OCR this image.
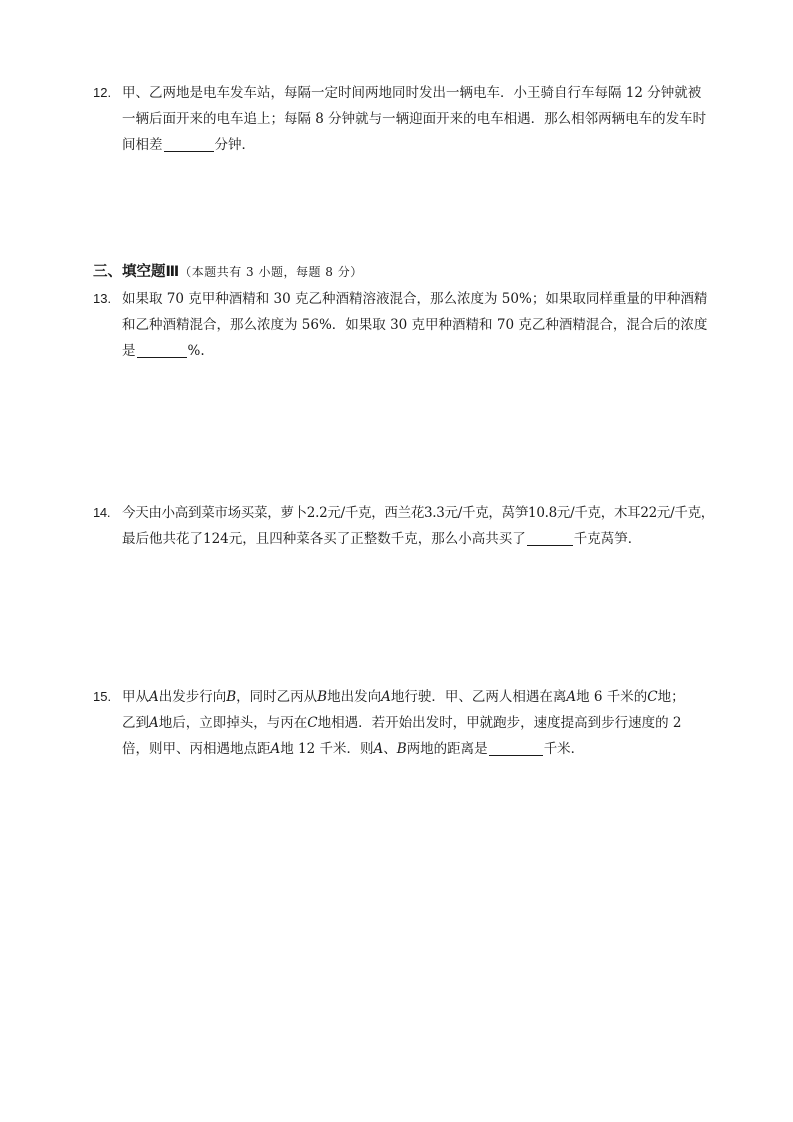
12. 甲、乙两地是电车发车站，每隔一定时间两地同时发出一辆电车．小王骑自行车每隔 12 分钟就被
一辆后面开来的电车追上；每隔 8 分钟就与一辆迎面开来的电车相遇．那么相邻两辆电车的发车时
间相差	分钟．
三、填空题Ⅲ（本题共有 3 小题，每题 8 分）
13. 如果取 70 克甲种酒精和 30 克乙种酒精溶液混合，那么浓度为 50%；如果取同样重量的甲种酒精
和乙种酒精混合，那么浓度为 56%．如果取 30 克甲种酒精和 70 克乙种酒精混合，混合后的浓度
是	%.
14. 今天由小高到菜市场买菜，萝卜2.2元/千克，西兰花3.3元/千克，莴笋10.8元/千克，木耳22元/千克，
最后他共花了124元，且四种菜各买了正整数千克，那么小高共买了	千克莴笋．
15. 甲从A出发步行向B，同时乙丙从B地出发向A地行驶．甲、乙两人相遇在离A地 6 千米的C地；
乙到A地后，立即掉头，与丙在C地相遇．若开始出发时，甲就跑步，速度提高到步行速度的 2
倍，则甲、丙相遇地点距A地 12 千米．则A、B两地的距离是	千米．
